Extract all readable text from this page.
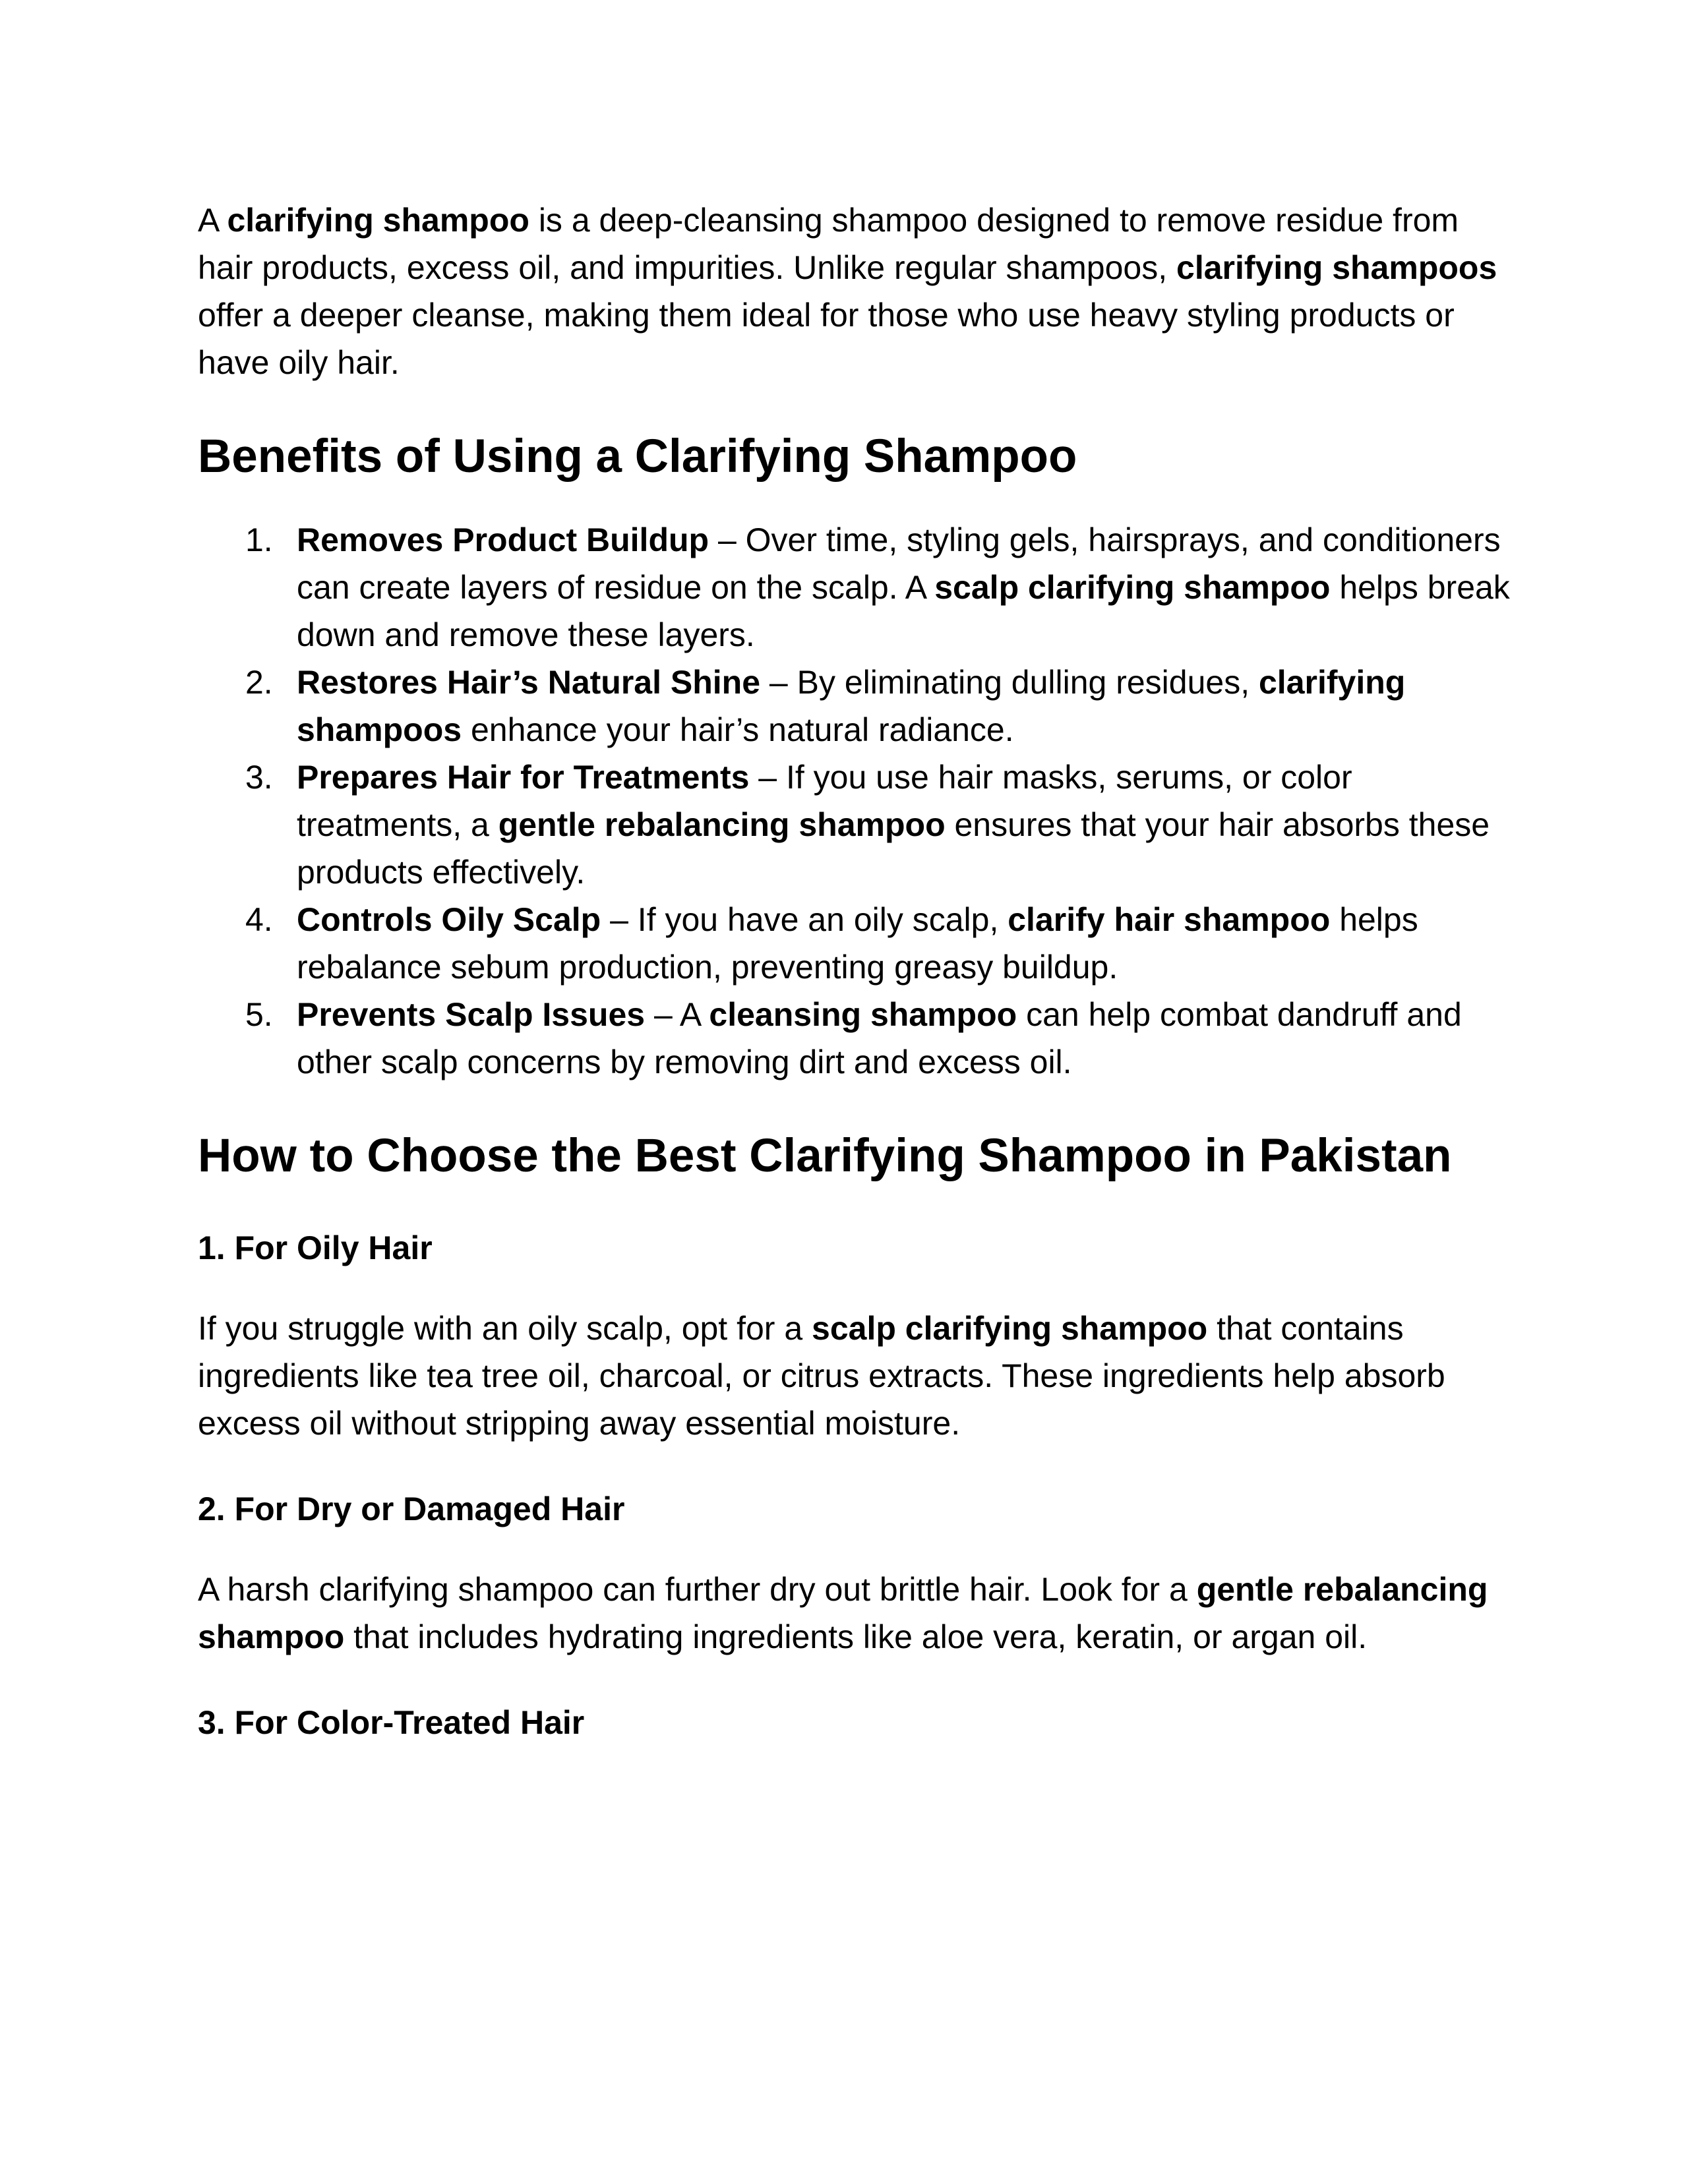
A clarifying shampoo is a deep-cleansing shampoo designed to remove residue from hair products, excess oil, and impurities. Unlike regular shampoos, clarifying shampoos offer a deeper cleanse, making them ideal for those who use heavy styling products or have oily hair.

Benefits of Using a Clarifying Shampoo
1. Removes Product Buildup – Over time, styling gels, hairsprays, and conditioners can create layers of residue on the scalp. A scalp clarifying shampoo helps break down and remove these layers.
2. Restores Hair’s Natural Shine – By eliminating dulling residues, clarifying shampoos enhance your hair’s natural radiance.
3. Prepares Hair for Treatments – If you use hair masks, serums, or color treatments, a gentle rebalancing shampoo ensures that your hair absorbs these products effectively.
4. Controls Oily Scalp – If you have an oily scalp, clarify hair shampoo helps rebalance sebum production, preventing greasy buildup.
5. Prevents Scalp Issues – A cleansing shampoo can help combat dandruff and other scalp concerns by removing dirt and excess oil.
How to Choose the Best Clarifying Shampoo in Pakistan
1. For Oily Hair

If you struggle with an oily scalp, opt for a scalp clarifying shampoo that contains ingredients like tea tree oil, charcoal, or citrus extracts. These ingredients help absorb excess oil without stripping away essential moisture.

2. For Dry or Damaged Hair

A harsh clarifying shampoo can further dry out brittle hair. Look for a gentle rebalancing shampoo that includes hydrating ingredients like aloe vera, keratin, or argan oil.

3. For Color-Treated Hair
